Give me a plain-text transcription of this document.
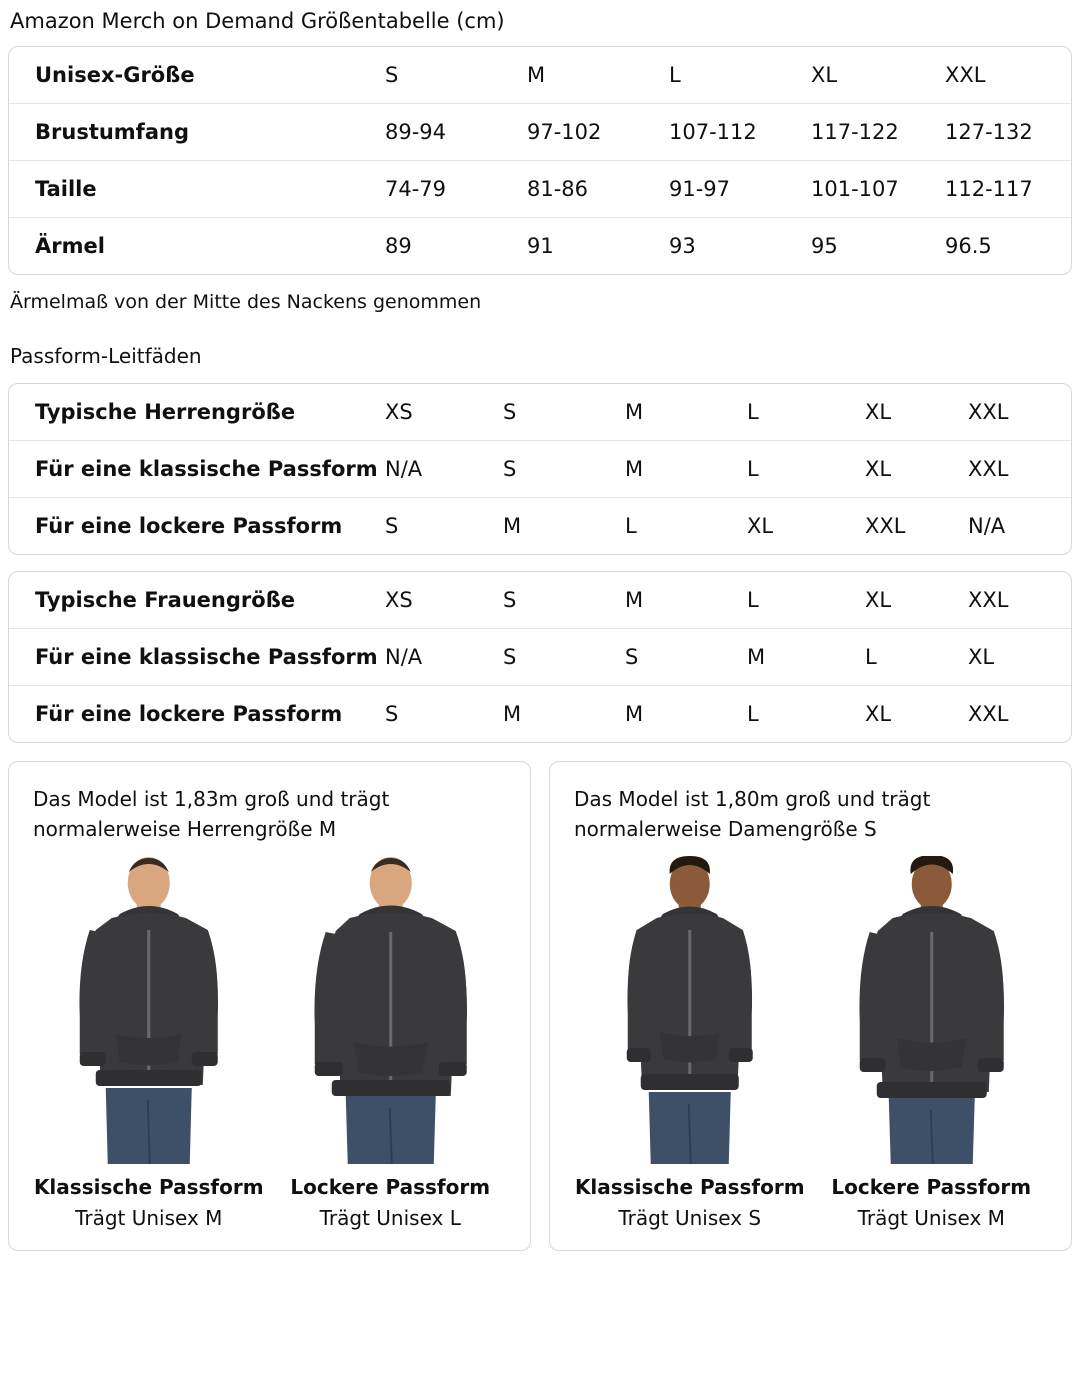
Amazon Merch on Demand Größentabelle (cm)
Unisex-Größe	S	M	L	XL	XXL
Brustumfang	89-94	97-102	107-112	117-122	127-132
Taille	74-79	81-86	91-97	101-107	112-117
Ärmel	89	91	93	95	96.5
Ärmelmaß von der Mitte des Nackens genommen
Passform-Leitfäden
Typische Herrengröße	XS	S	M	L	XL	XXL
Für eine klassische Passform	N/A	S	M	L	XL	XXL
Für eine lockere Passform	S	M	L	XL	XXL	N/A
Typische Frauengröße	XS	S	M	L	XL	XXL
Für eine klassische Passform	N/A	S	S	M	L	XL
Für eine lockere Passform	S	M	M	L	XL	XXL
Das Model ist 1,83m groß und trägt normalerweise Herrengröße M
Klassische Passform
Trägt Unisex M
Lockere Passform
Trägt Unisex L
Das Model ist 1,80m groß und trägt normalerweise Damengröße S
Klassische Passform
Trägt Unisex S
Lockere Passform
Trägt Unisex M
